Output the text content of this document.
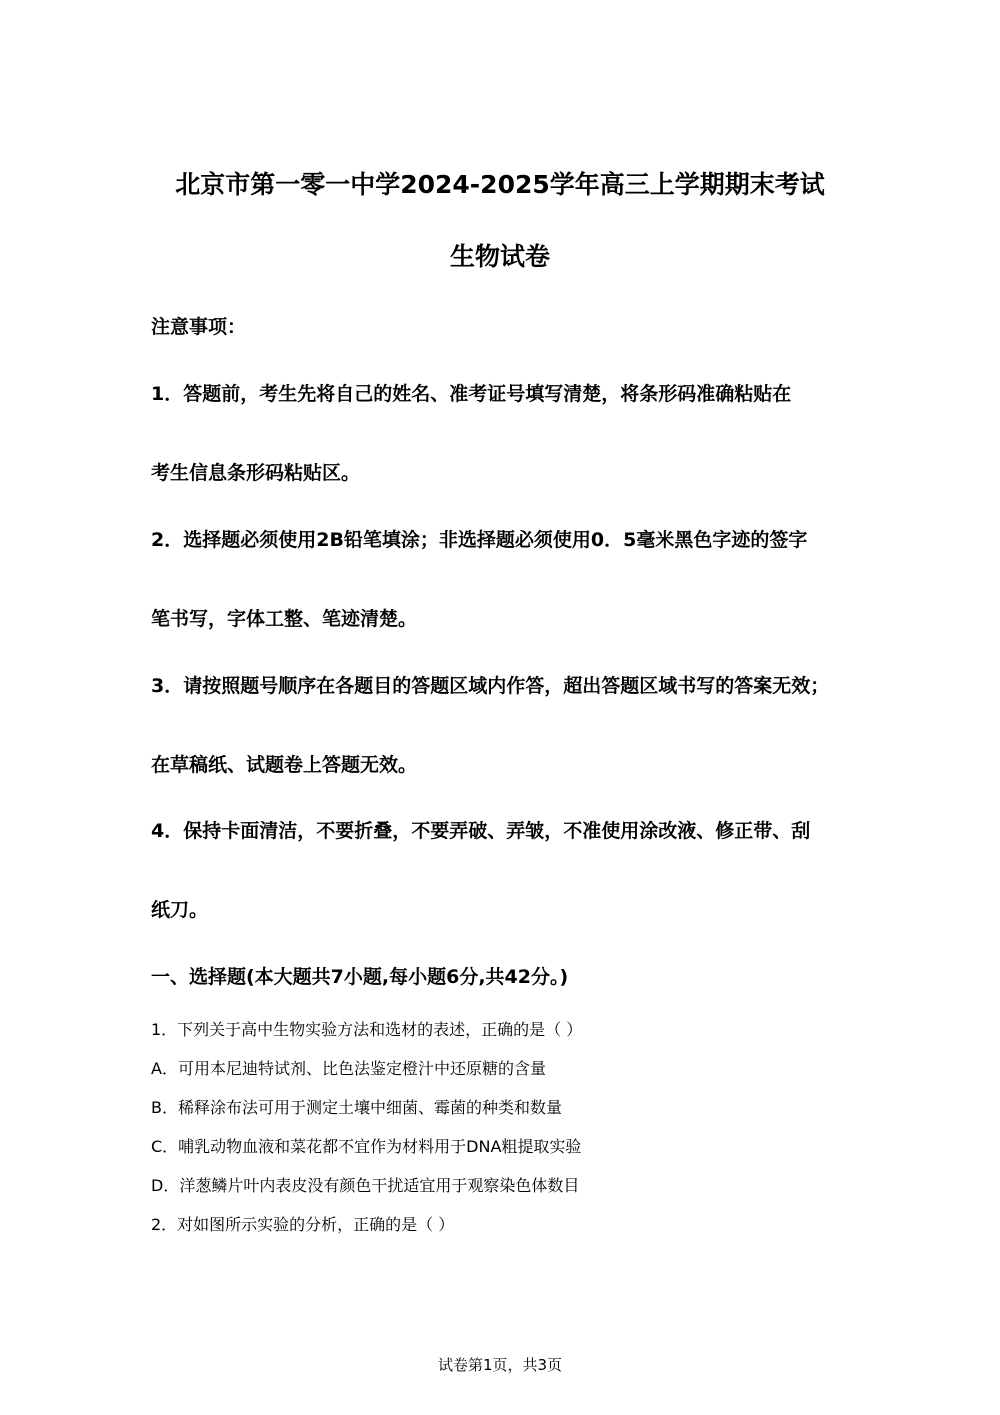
北京市第一零一中学2024-2025学年高三上学期期末考试
生物试卷

注意事项：

1．答题前，考生先将自己的姓名、准考证号填写清楚，将条形码准确粘贴在

考生信息条形码粘贴区。

2．选择题必须使用2B铅笔填涂；非选择题必须使用0．5毫米黑色字迹的签字

笔书写，字体工整、笔迹清楚。

3．请按照题号顺序在各题目的答题区域内作答，超出答题区域书写的答案无效；

在草稿纸、试题卷上答题无效。

4．保持卡面清洁，不要折叠，不要弄破、弄皱，不准使用涂改液、修正带、刮

纸刀。

一、选择题(本大题共7小题,每小题6分,共42分。)

1．下列关于高中生物实验方法和选材的表述，正确的是（ ）

A．可用本尼迪特试剂、比色法鉴定橙汁中还原糖的含量

B．稀释涂布法可用于测定土壤中细菌、霉菌的种类和数量

C．哺乳动物血液和菜花都不宜作为材料用于DNA粗提取实验

D．洋葱鳞片叶内表皮没有颜色干扰适宜用于观察染色体数目

2．对如图所示实验的分析，正确的是（ ）

试卷第1页，共3页
